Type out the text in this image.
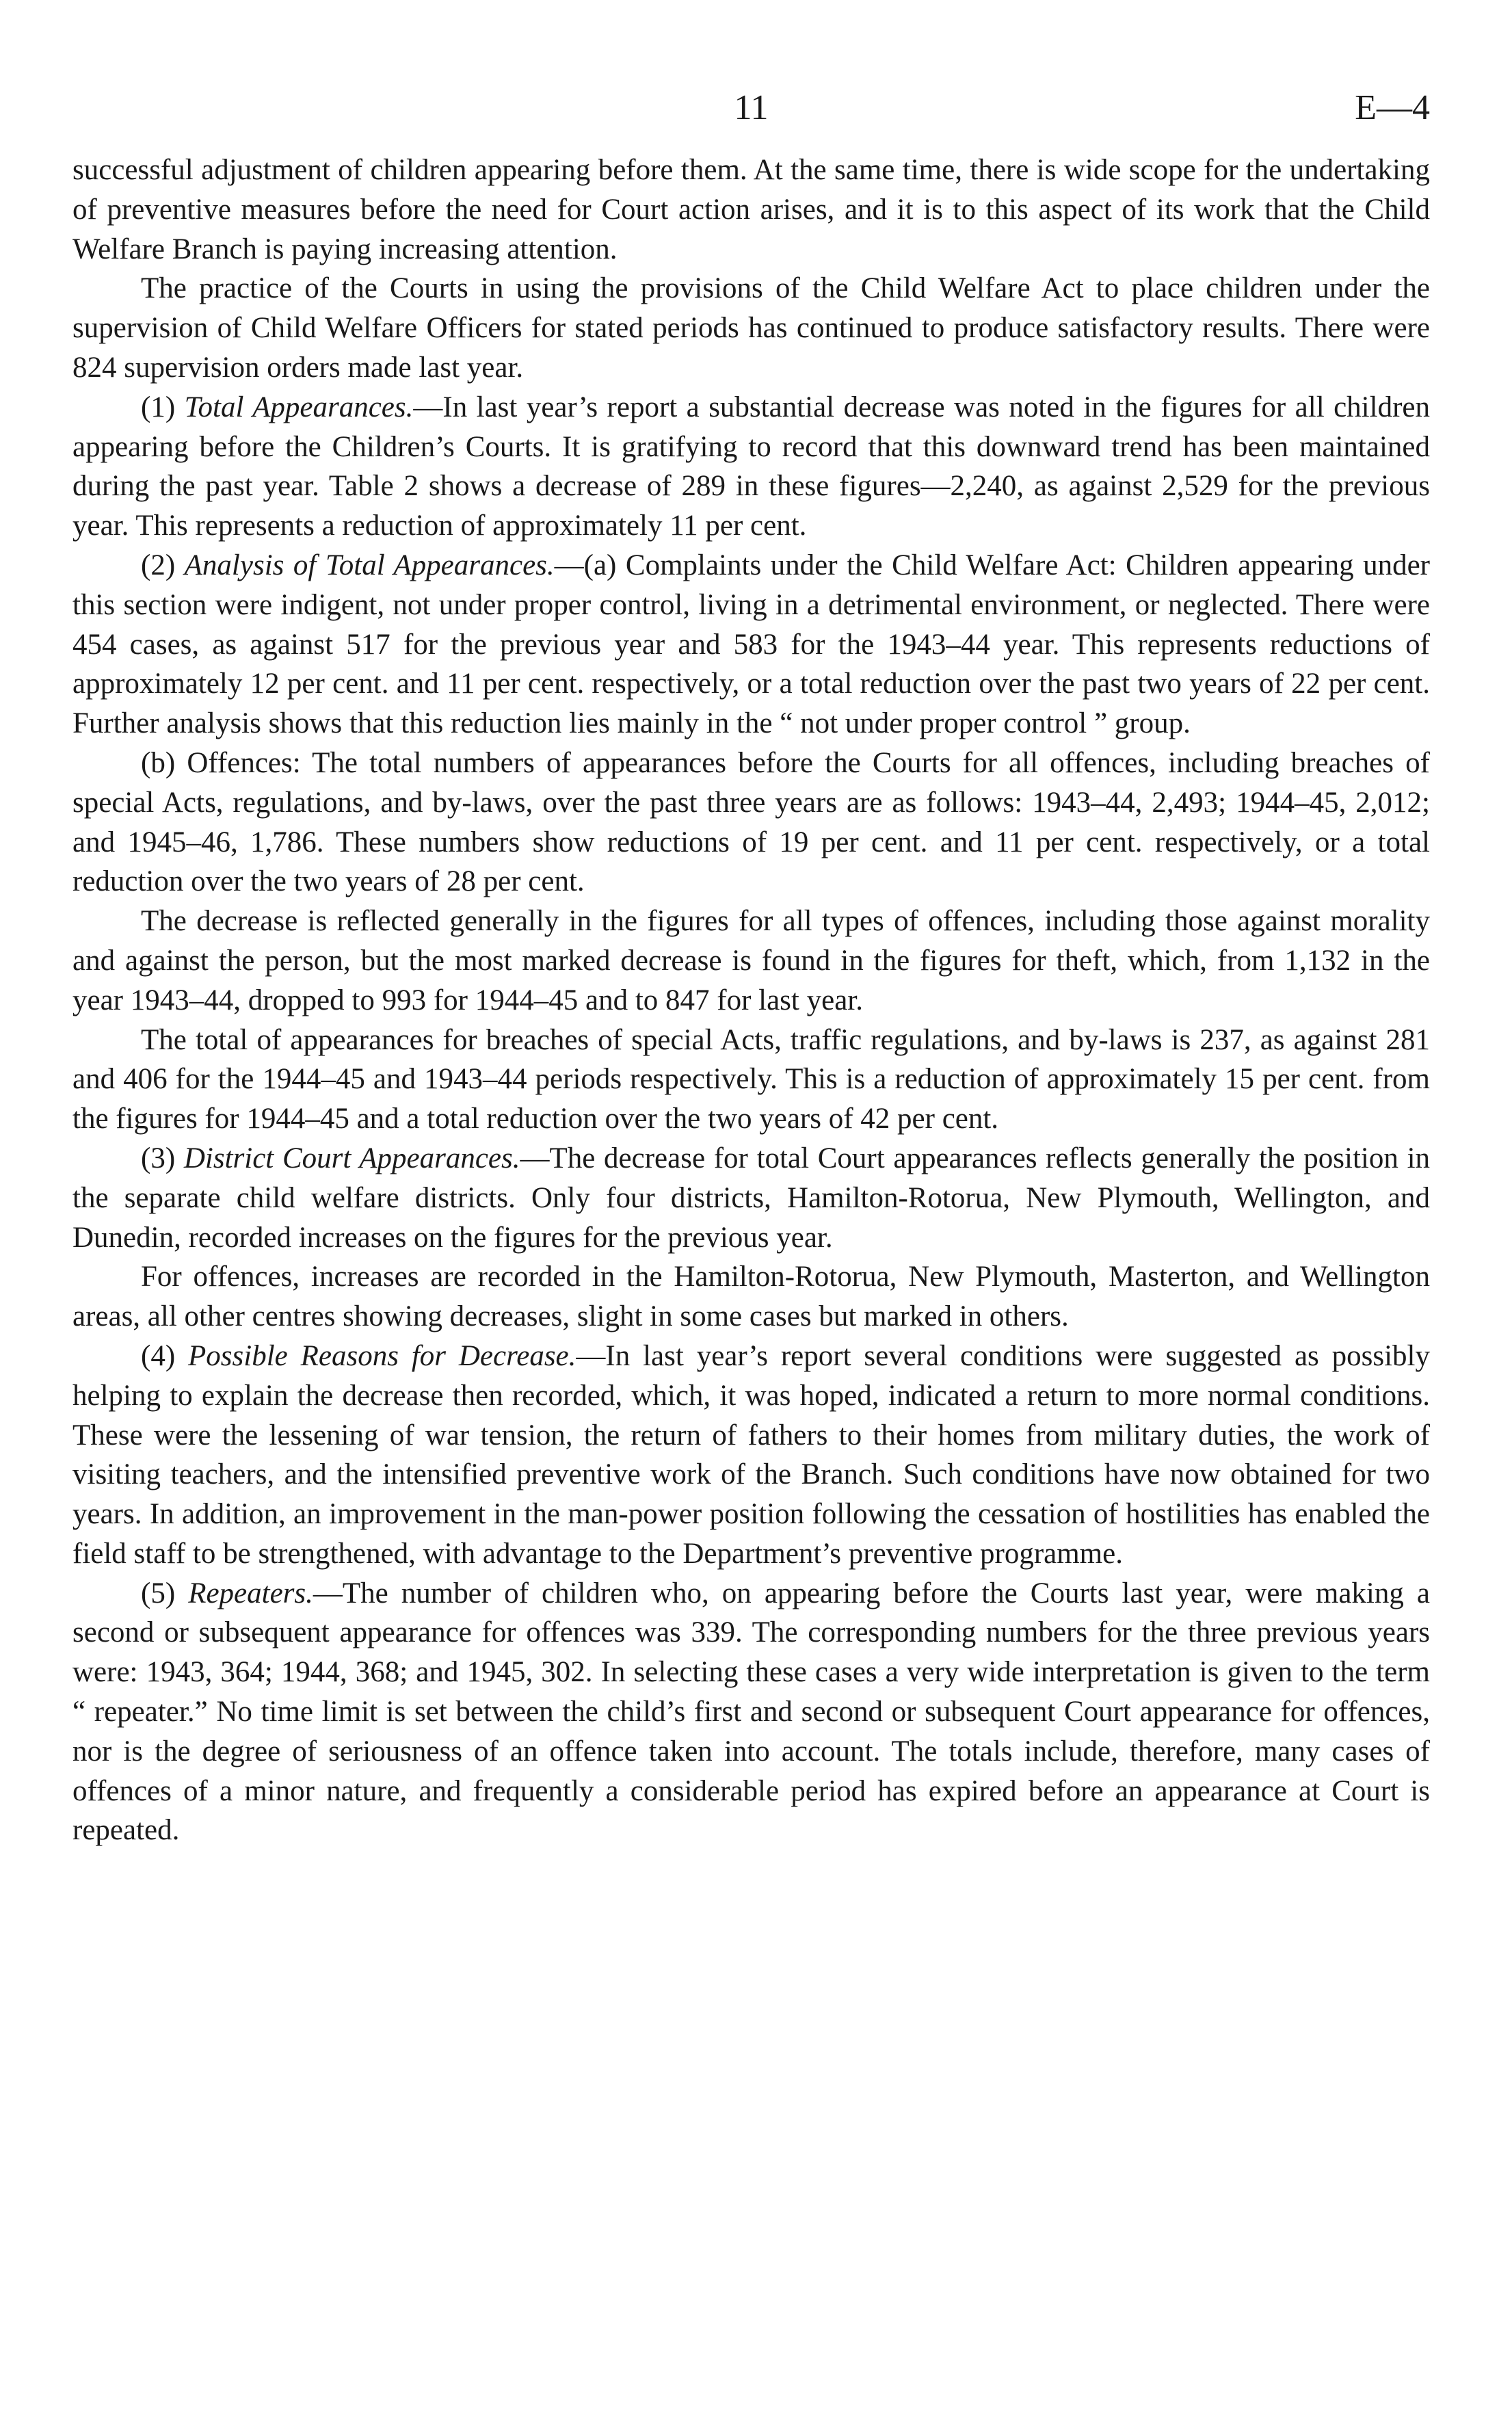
11	E—4

successful adjustment of children appearing before them. At the same time, there is wide scope for the undertaking of preventive measures before the need for Court action arises, and it is to this aspect of its work that the Child Welfare Branch is paying increasing attention.

The practice of the Courts in using the provisions of the Child Welfare Act to place children under the supervision of Child Welfare Officers for stated periods has continued to produce satisfactory results. There were 824 supervision orders made last year.

(1) Total Appearances.—In last year’s report a substantial decrease was noted in the figures for all children appearing before the Children’s Courts. It is gratifying to record that this downward trend has been maintained during the past year. Table 2 shows a decrease of 289 in these figures—2,240, as against 2,529 for the previous year. This represents a reduction of approximately 11 per cent.

(2) Analysis of Total Appearances.—(a) Complaints under the Child Welfare Act: Children appearing under this section were indigent, not under proper control, living in a detrimental environment, or neglected. There were 454 cases, as against 517 for the previous year and 583 for the 1943–44 year. This represents reductions of approximately 12 per cent. and 11 per cent. respectively, or a total reduction over the past two years of 22 per cent. Further analysis shows that this reduction lies mainly in the “ not under proper control ” group.

(b) Offences: The total numbers of appearances before the Courts for all offences, including breaches of special Acts, regulations, and by-laws, over the past three years are as follows: 1943–44, 2,493; 1944–45, 2,012; and 1945–46, 1,786. These numbers show reductions of 19 per cent. and 11 per cent. respectively, or a total reduction over the two years of 28 per cent.

The decrease is reflected generally in the figures for all types of offences, including those against morality and against the person, but the most marked decrease is found in the figures for theft, which, from 1,132 in the year 1943–44, dropped to 993 for 1944–45 and to 847 for last year.

The total of appearances for breaches of special Acts, traffic regulations, and by-laws is 237, as against 281 and 406 for the 1944–45 and 1943–44 periods respectively. This is a reduction of approximately 15 per cent. from the figures for 1944–45 and a total reduction over the two years of 42 per cent.

(3) District Court Appearances.—The decrease for total Court appearances reflects generally the position in the separate child welfare districts. Only four districts, Hamilton-Rotorua, New Plymouth, Wellington, and Dunedin, recorded increases on the figures for the previous year.

For offences, increases are recorded in the Hamilton-Rotorua, New Plymouth, Masterton, and Wellington areas, all other centres showing decreases, slight in some cases but marked in others.

(4) Possible Reasons for Decrease.—In last year’s report several conditions were suggested as possibly helping to explain the decrease then recorded, which, it was hoped, indicated a return to more normal conditions. These were the lessening of war tension, the return of fathers to their homes from military duties, the work of visiting teachers, and the intensified preventive work of the Branch. Such conditions have now obtained for two years. In addition, an improvement in the man-power position following the cessation of hostilities has enabled the field staff to be strengthened, with advantage to the Department’s preventive programme.

(5) Repeaters.—The number of children who, on appearing before the Courts last year, were making a second or subsequent appearance for offences was 339. The corresponding numbers for the three previous years were: 1943, 364; 1944, 368; and 1945, 302. In selecting these cases a very wide interpretation is given to the term “ repeater.” No time limit is set between the child’s first and second or subsequent Court appearance for offences, nor is the degree of seriousness of an offence taken into account. The totals include, therefore, many cases of offences of a minor nature, and frequently a considerable period has expired before an appearance at Court is repeated.
